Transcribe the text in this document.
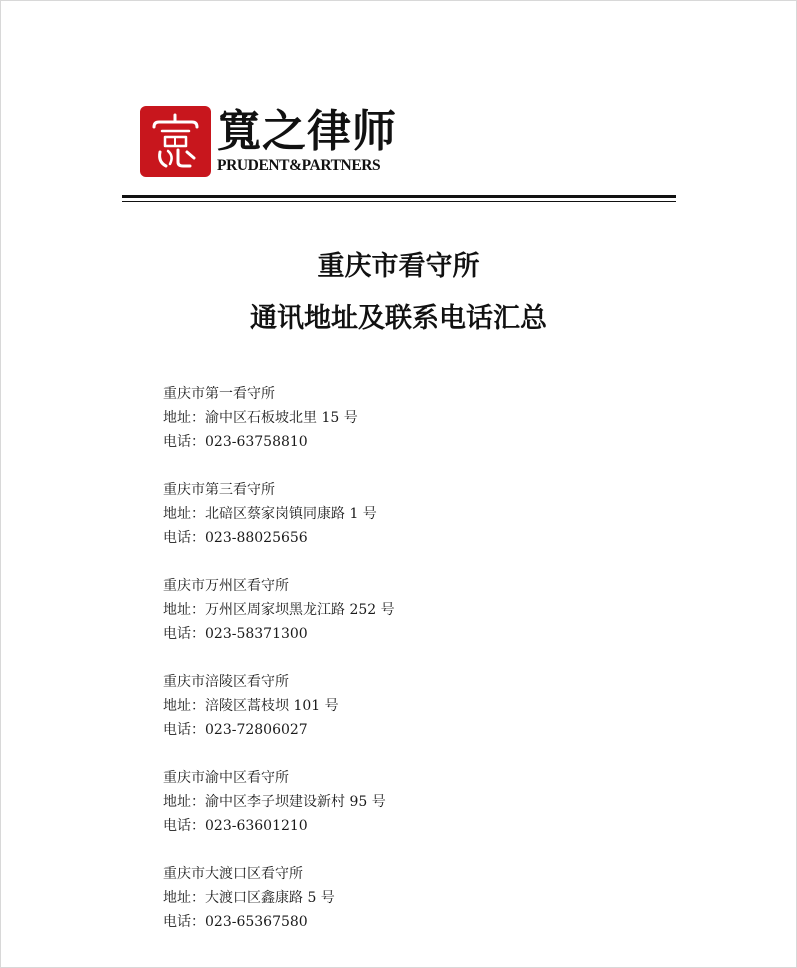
寬之律师
PRUDENT&PARTNERS
重庆市看守所
通讯地址及联系电话汇总
重庆市第一看守所
地址：渝中区石板坡北里 15 号
电话：023-63758810
重庆市第三看守所
地址：北碚区蔡家岗镇同康路 1 号
电话：023-88025656
重庆市万州区看守所
地址：万州区周家坝黑龙江路 252 号
电话：023-58371300
重庆市涪陵区看守所
地址：涪陵区蒿枝坝 101 号
电话：023-72806027
重庆市渝中区看守所
地址：渝中区李子坝建设新村 95 号
电话：023-63601210
重庆市大渡口区看守所
地址：大渡口区鑫康路 5 号
电话：023-65367580
